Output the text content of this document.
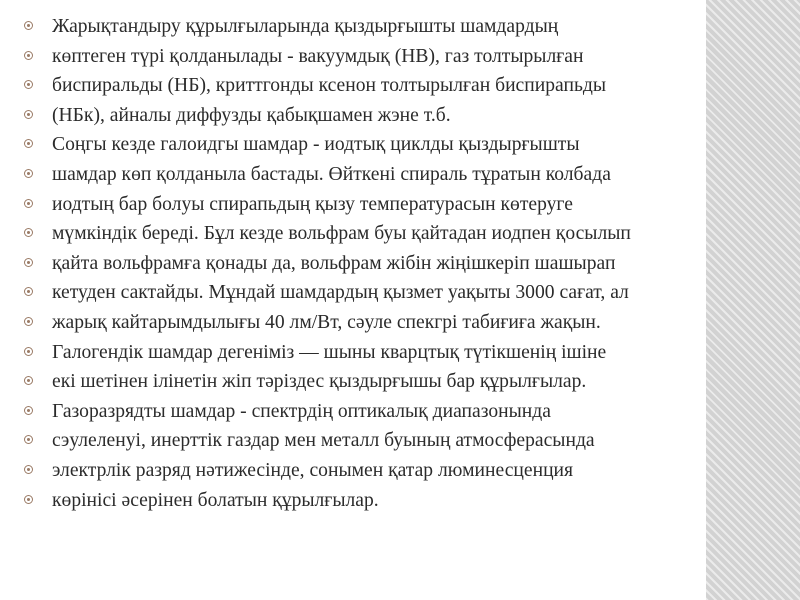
Жарықтандыру құрылғыларында қыздырғышты шамдардың
көптеген түрі қолданылады - вакуумдық (НВ), газ толтырылған
биспиральды (НБ), криттгонды ксенон толтырылған биспирапьды
(НБк), айналы диффузды қабықшамен жэне т.б.
Соңгы кезде галоидгы шамдар - иодтық циклды қыздырғышты
шамдар көп қолданыла бастады. Өйткені спираль тұратын колбада
иодтың бар болуы спирапьдың қызу температурасын көтеруге
мүмкіндік береді. Бұл кезде вольфрам буы қайтадан иодпен қосылып
қайта вольфрамға қонады да, вольфрам жібін жіңішкеріп шашырап
кетуден сактайды. Мұндай шамдардың қызмет уақыты 3000 сағат, ал
жарық кайтарымдылығы 40 лм/Вт, сәуле спекгрі табиғиға жақын.
Галогендік шамдар дегеніміз — шыны кварцтық түтікшенің ішіне
екі шетінен ілінетін жіп тәріздес қыздырғышы бар құрылғылар.
Газоразрядты шамдар - спектрдің оптикалық диапазонында
сэулеленуі, инерттік газдар мен металл буының атмосферасында
электрлік разряд нәтижесінде, сонымен қатар люминесценция
көрінісі әсерінен болатын құрылғылар.
